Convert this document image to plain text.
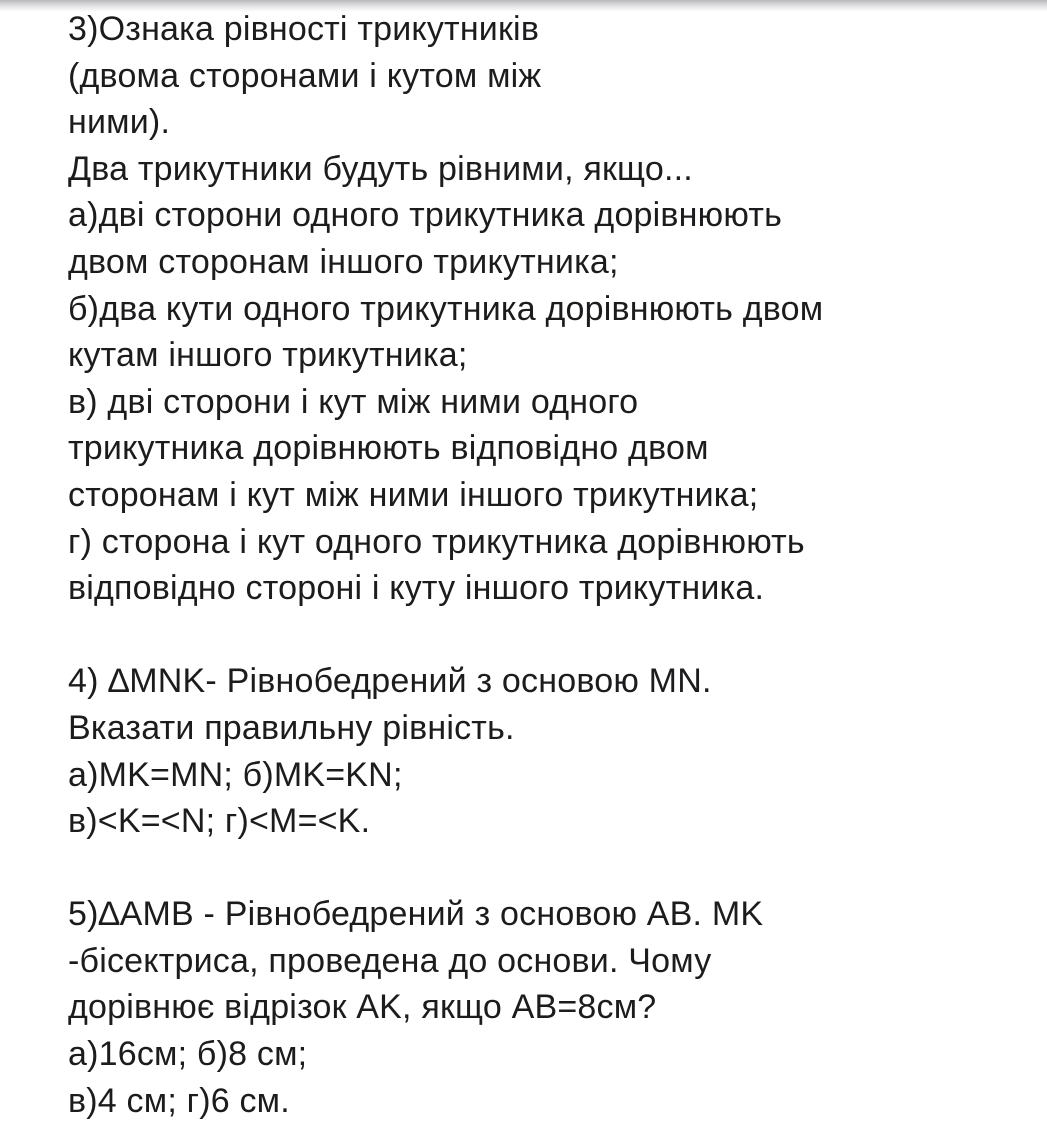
3)Ознака рівності трикутників
(двома сторонами і кутом між
ними).
Два трикутники будуть рівними, якщо...
а)дві сторони одного трикутника дорівнюють
двом сторонам іншого трикутника;
б)два кути одного трикутника дорівнюють двом
кутам іншого трикутника;
в) дві сторони і кут між ними одного
трикутника дорівнюють відповідно двом
сторонам і кут між ними іншого трикутника;
г) сторона і кут одного трикутника дорівнюють
відповідно стороні і куту іншого трикутника.
4) ∆MNK- Рівнобедрений з основою MN.
Вказати правильну рівність.
а)MK=MN; б)MK=KN;
в)<K=<N; г)<M=<K.
5)∆AMB - Рівнобедрений з основою AB. MK
-бісектриса, проведена до основи. Чому
дорівнює відрізок AK, якщо AB=8см?
а)16см; б)8 см;
в)4 см; г)6 см.
